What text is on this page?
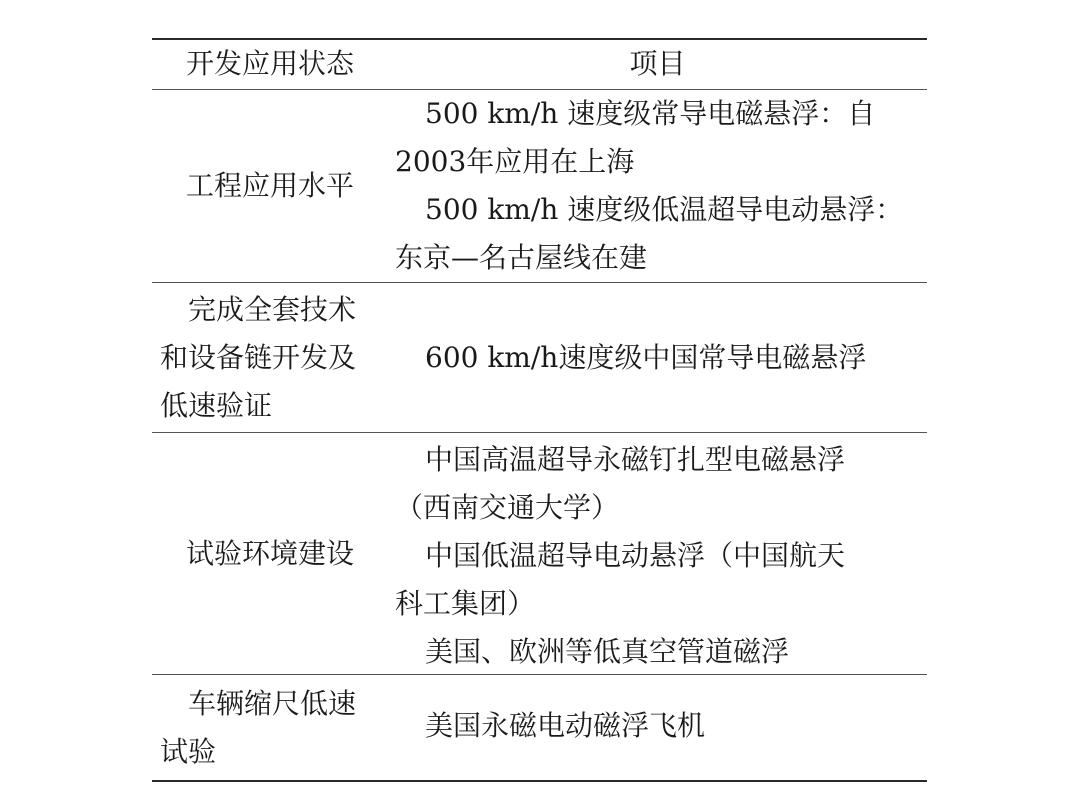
开发应用状态	项目
工程应用水平
500 km/h 速度级常导电磁悬浮：自
2003年应用在上海
500 km/h 速度级低温超导电动悬浮：
东京—名古屋线在建
完成全套技术
和设备链开发及
低速验证
600 km/h速度级中国常导电磁悬浮
试验环境建设
中国高温超导永磁钉扎型电磁悬浮
（西南交通大学）
中国低温超导电动悬浮（中国航天
科工集团）
美国、欧洲等低真空管道磁浮
车辆缩尺低速
试验
美国永磁电动磁浮飞机
